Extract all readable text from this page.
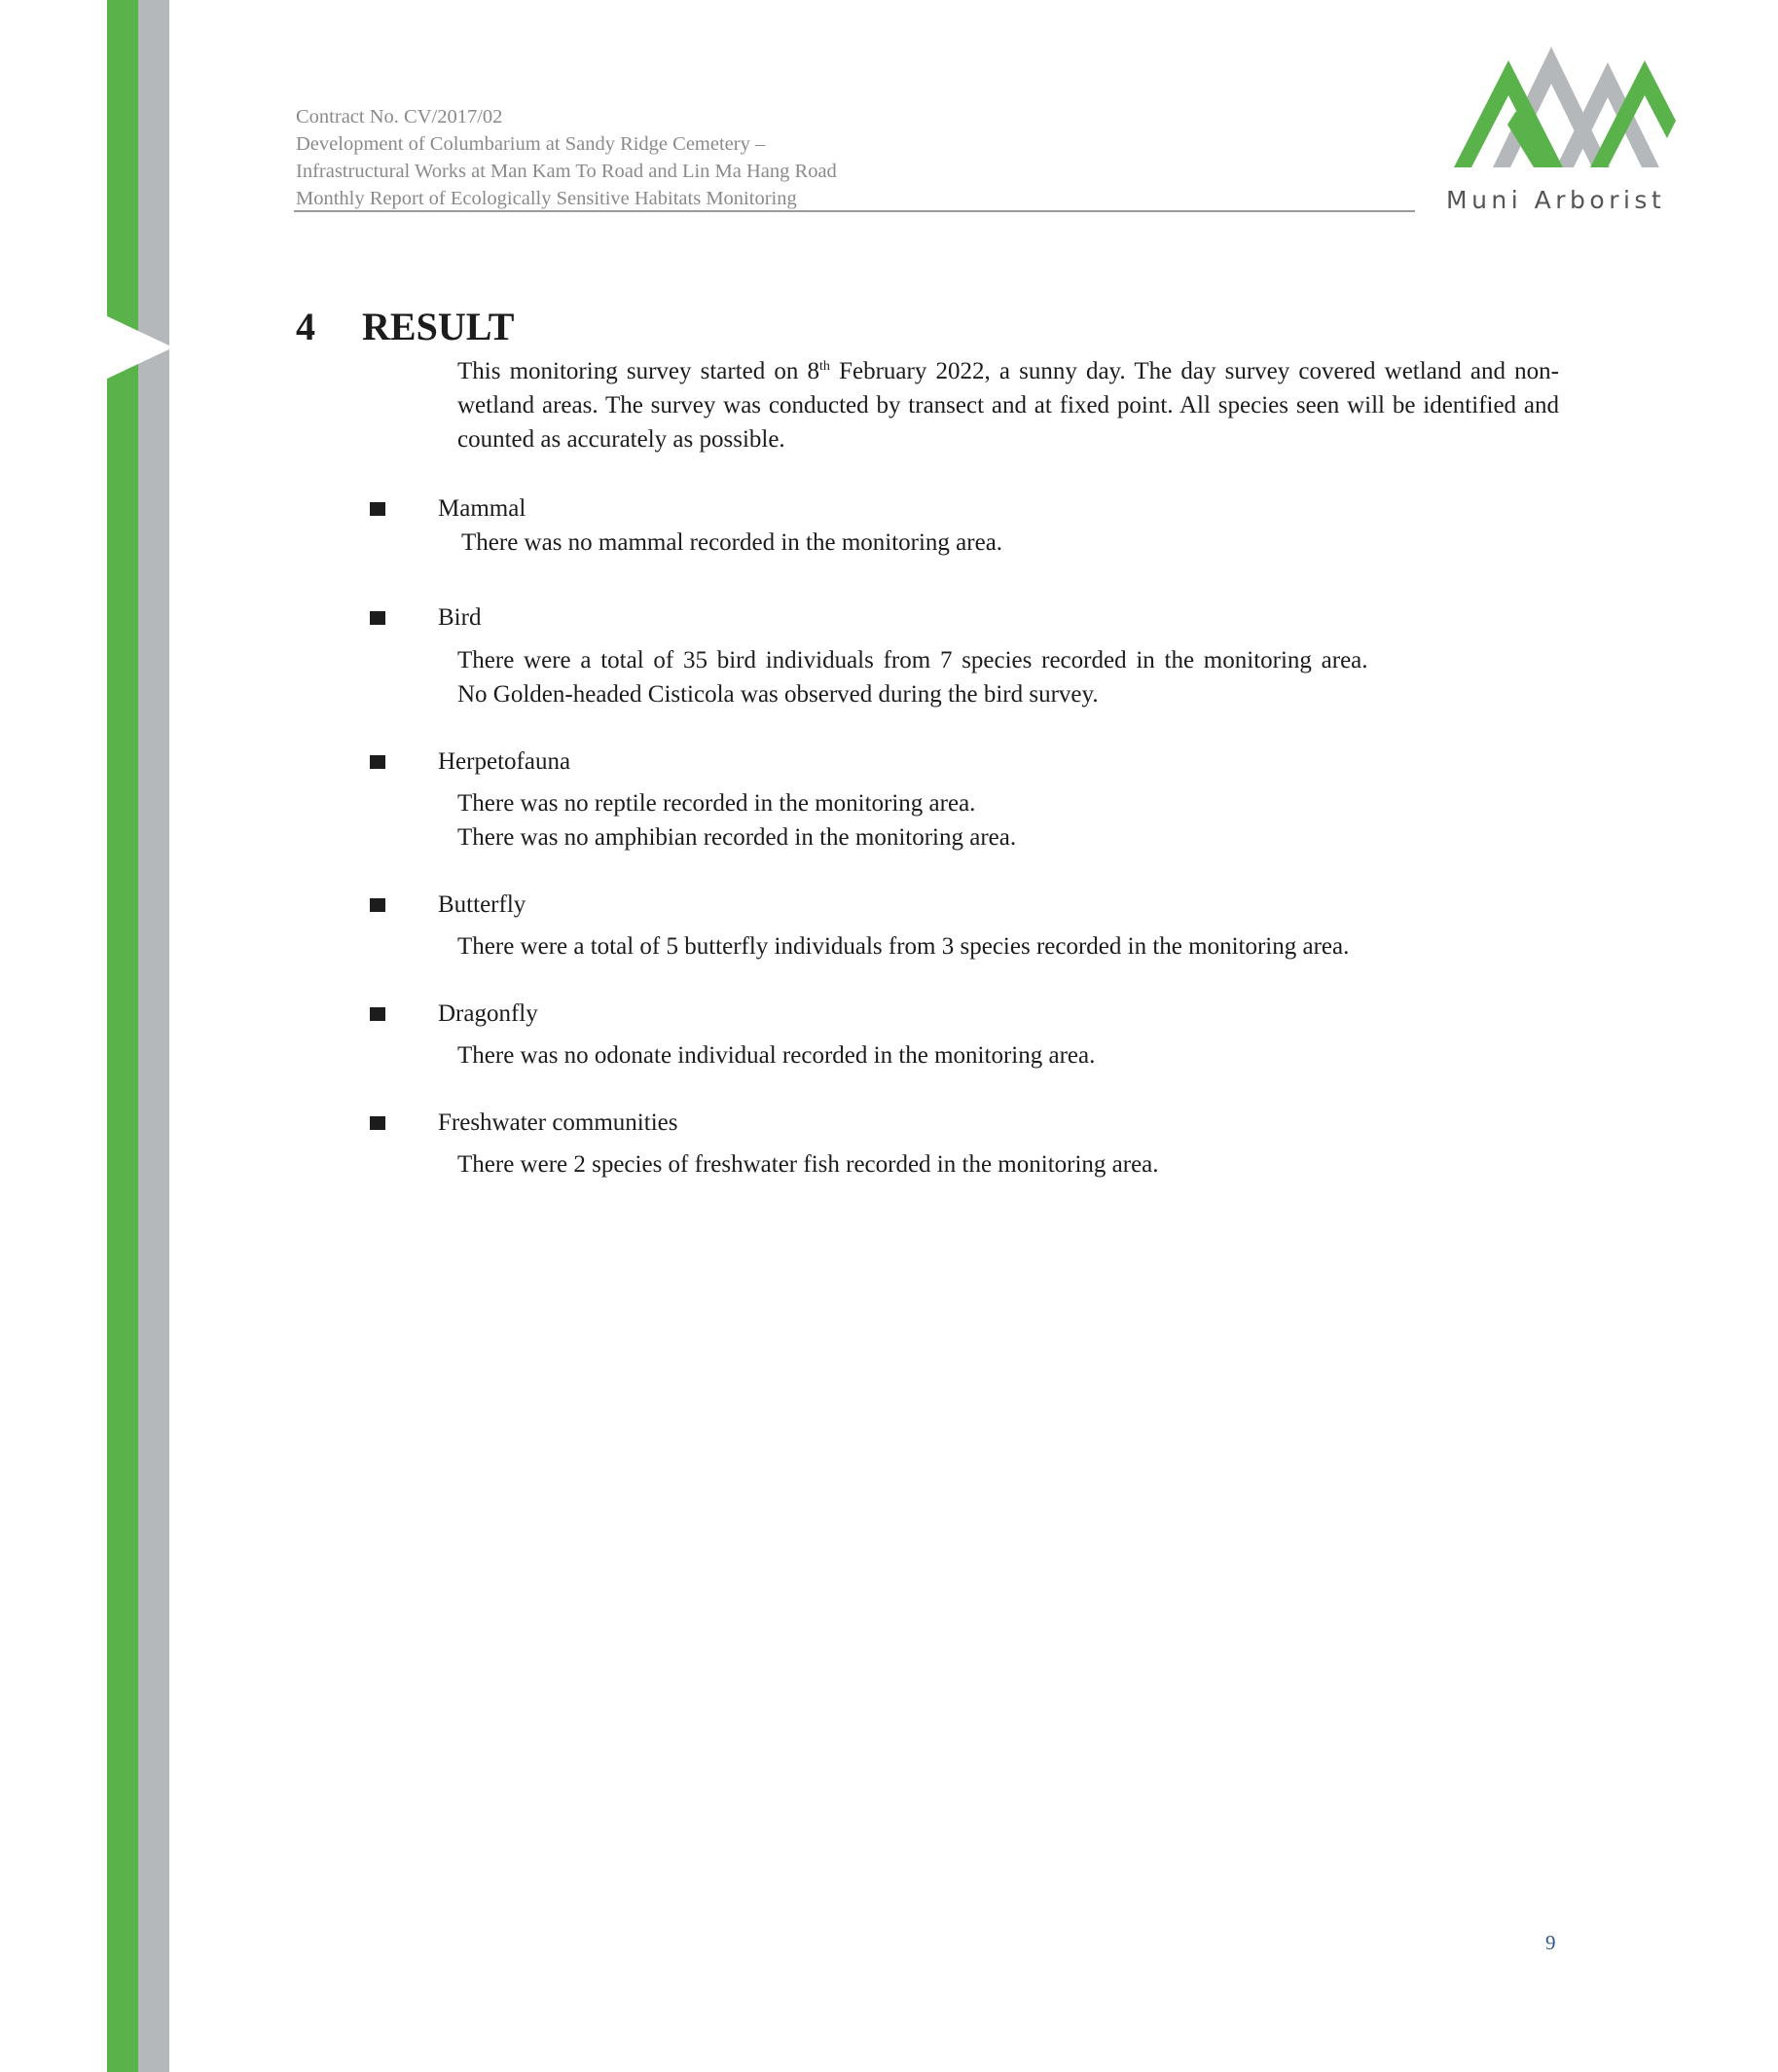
Contract No. CV/2017/02
Development of Columbarium at Sandy Ridge Cemetery –
Infrastructural Works at Man Kam To Road and Lin Ma Hang Road
Monthly Report of Ecologically Sensitive Habitats Monitoring	Muni Arborist
4 RESULT
This monitoring survey started on 8th February 2022, a sunny day. The day survey covered wetland and non-wetland areas. The survey was conducted by transect and at fixed point. All species seen will be identified and counted as accurately as possible.
Mammal
There was no mammal recorded in the monitoring area.
Bird
There were a total of 35 bird individuals from 7 species recorded in the monitoring area.
No Golden-headed Cisticola was observed during the bird survey.
Herpetofauna
There was no reptile recorded in the monitoring area.
There was no amphibian recorded in the monitoring area.
Butterfly
There were a total of 5 butterfly individuals from 3 species recorded in the monitoring area.
Dragonfly
There was no odonate individual recorded in the monitoring area.
Freshwater communities
There were 2 species of freshwater fish recorded in the monitoring area.
9
